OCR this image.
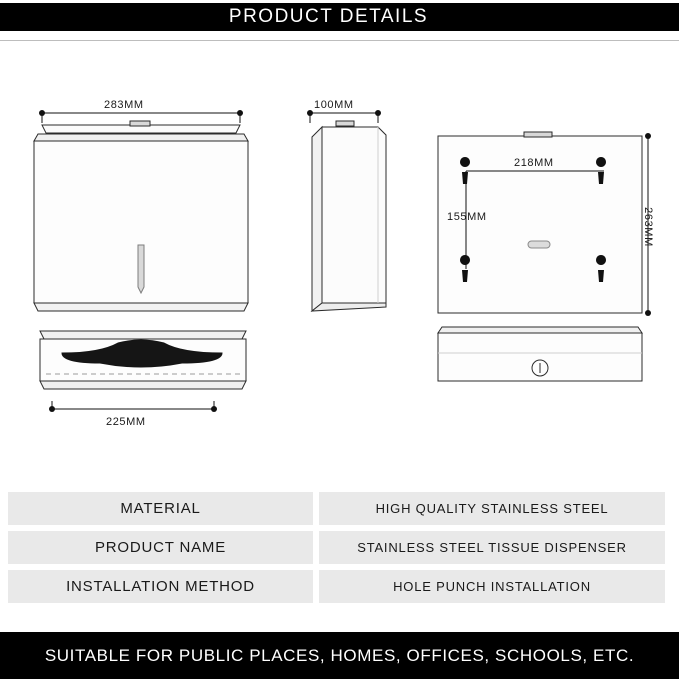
PRODUCT DETAILS
283MM	100MM
218MM
155MM	263MM
225MM
MATERIAL	HIGH QUALITY STAINLESS STEEL
PRODUCT NAME	STAINLESS STEEL TISSUE DISPENSER
INSTALLATION METHOD	HOLE PUNCH INSTALLATION
SUITABLE FOR PUBLIC PLACES, HOMES, OFFICES, SCHOOLS, ETC.
